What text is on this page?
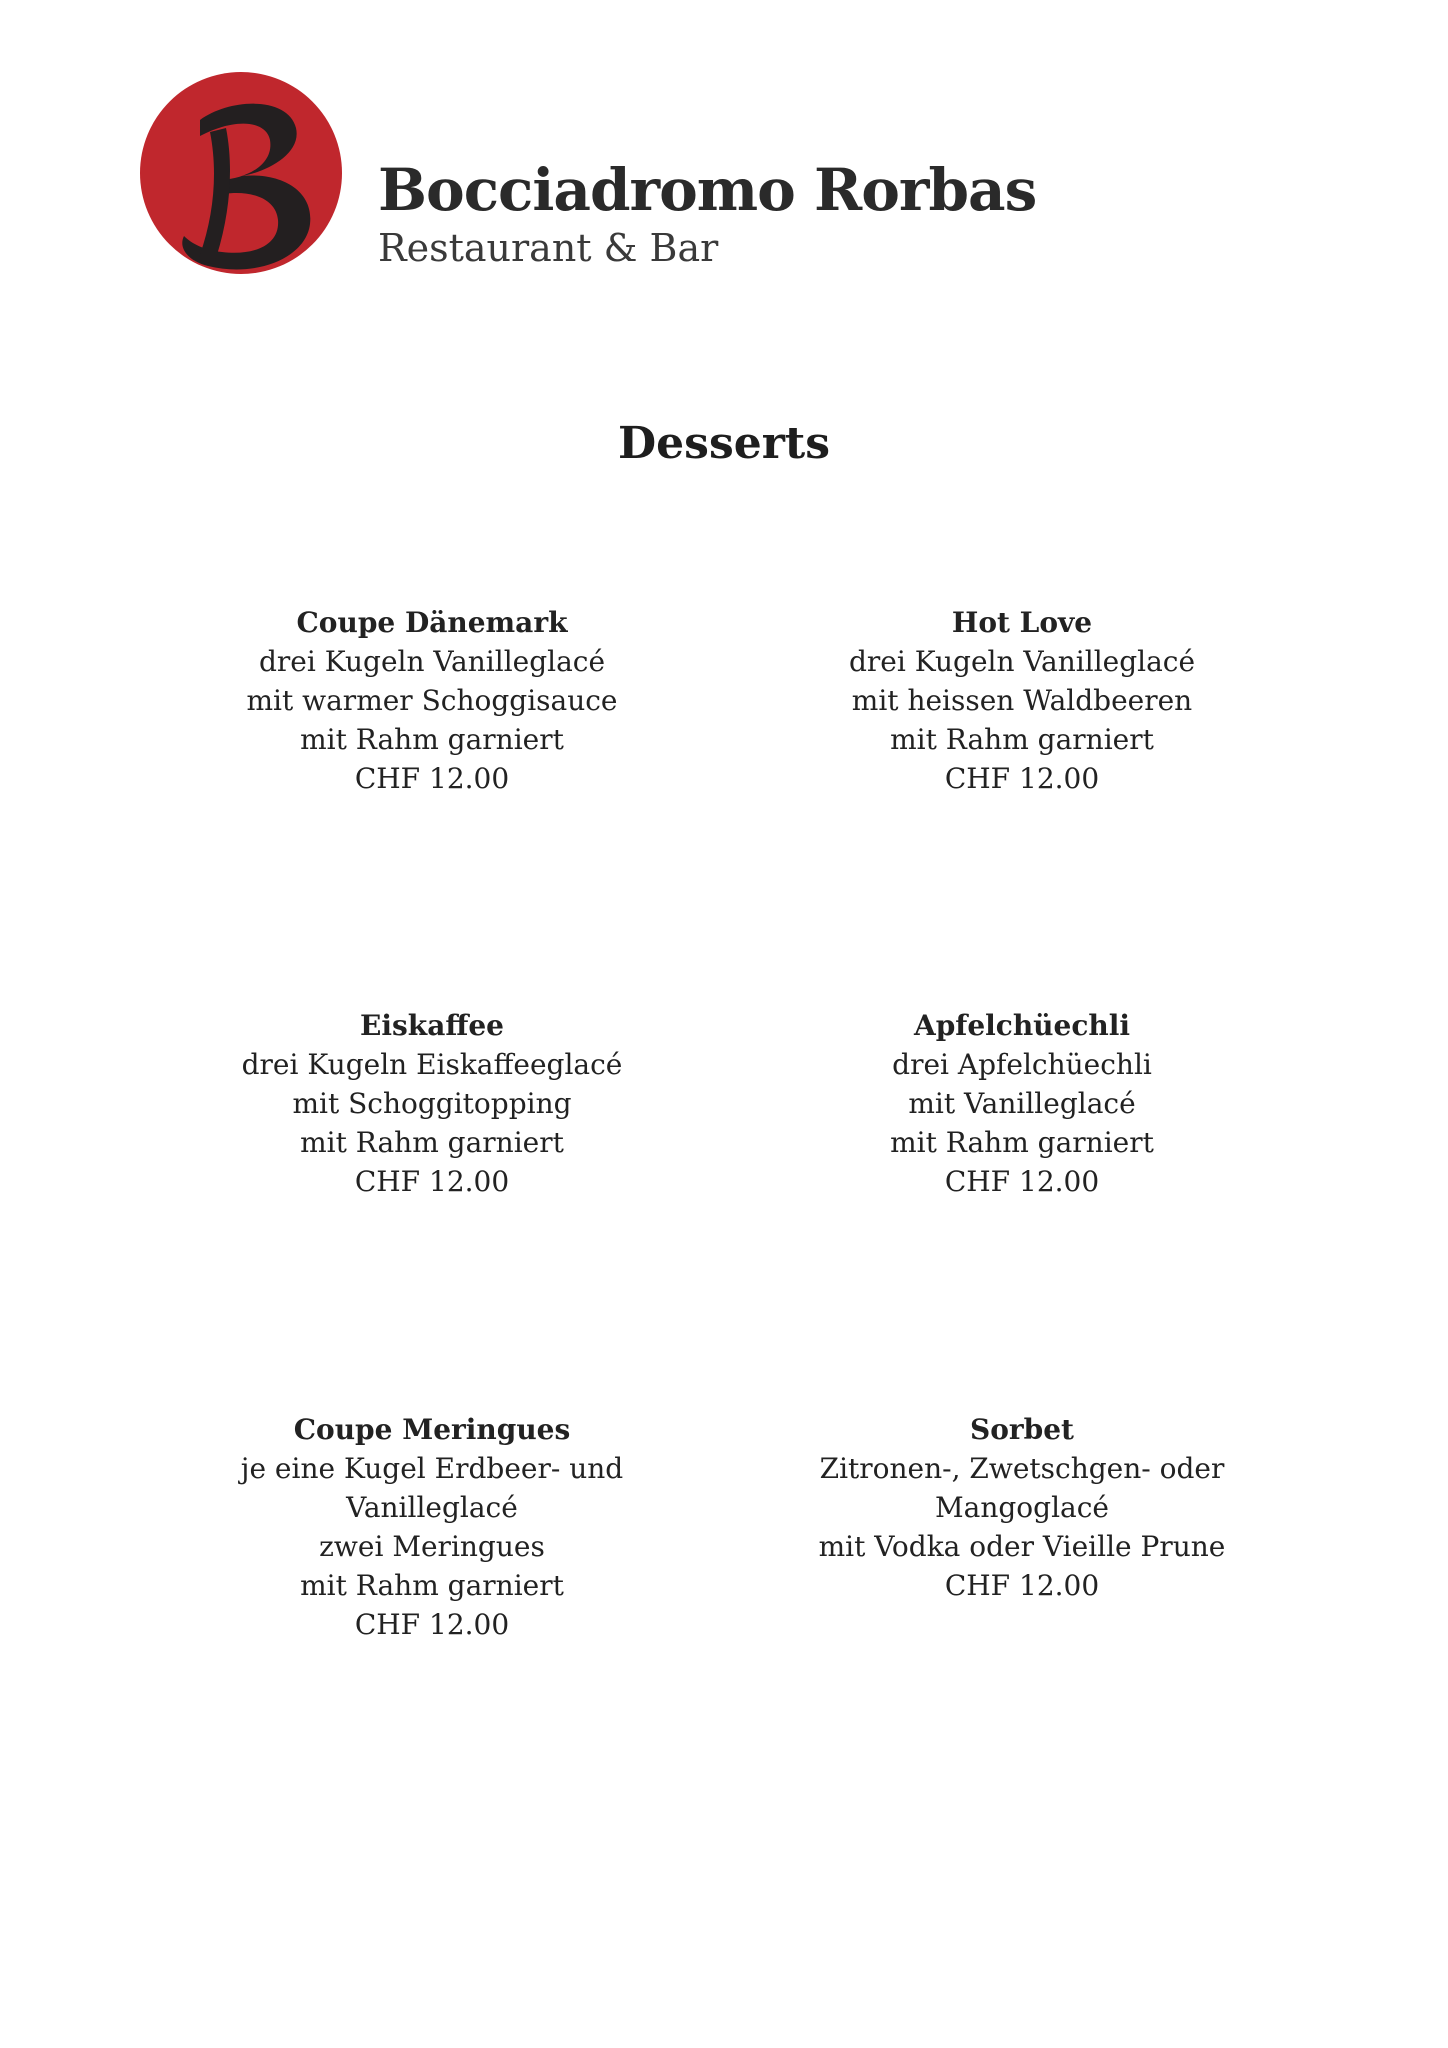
Bocciadromo Rorbas
Restaurant & Bar
Desserts
Coupe Dänemark
drei Kugeln Vanilleglacé
mit warmer Schoggisauce
mit Rahm garniert
CHF 12.00
Hot Love
drei Kugeln Vanilleglacé
mit heissen Waldbeeren
mit Rahm garniert
CHF 12.00
Eiskaffee
drei Kugeln Eiskaffeeglacé
mit Schoggitopping
mit Rahm garniert
CHF 12.00
Apfelchüechli
drei Apfelchüechli
mit Vanilleglacé
mit Rahm garniert
CHF 12.00
Coupe Meringues
je eine Kugel Erdbeer- und
Vanilleglacé
zwei Meringues
mit Rahm garniert
CHF 12.00
Sorbet
Zitronen-, Zwetschgen- oder
Mangoglacé
mit Vodka oder Vieille Prune
CHF 12.00
